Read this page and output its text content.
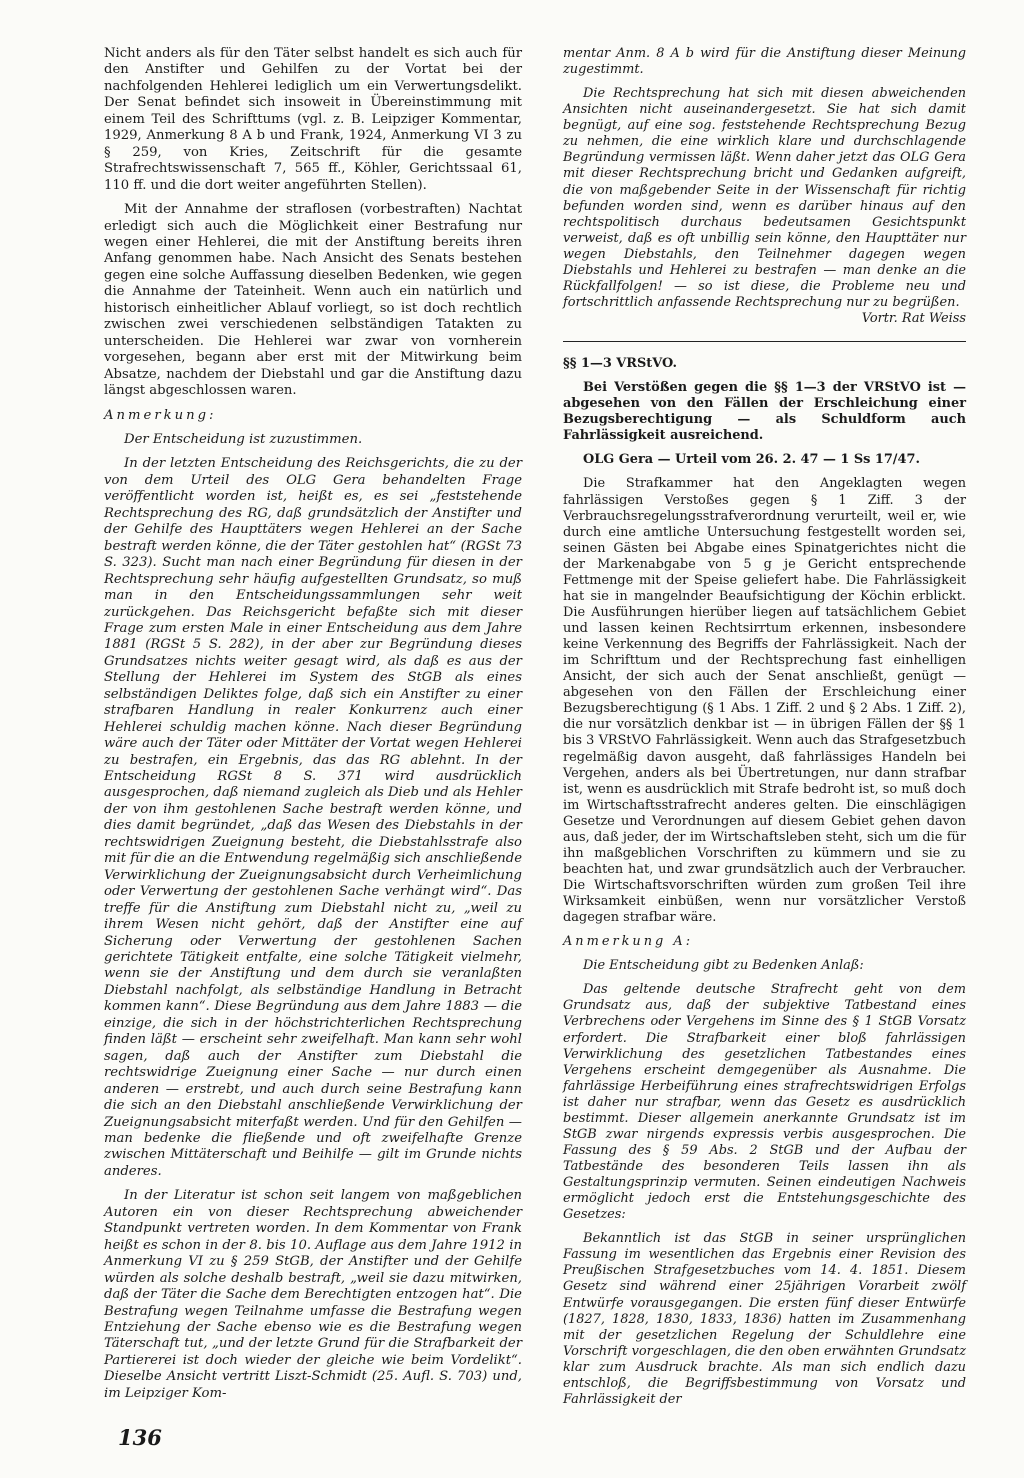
Nicht anders als für den Täter selbst handelt es sich auch für den Anstifter und Gehilfen zu der Vortat bei der nachfolgenden Hehlerei lediglich um ein Verwertungsdelikt. Der Senat befindet sich insoweit in Übereinstimmung mit einem Teil des Schrifttums (vgl. z. B. Leipziger Kommentar, 1929, Anmerkung 8 A b und Frank, 1924, Anmerkung VI 3 zu § 259, von Kries, Zeitschrift für die gesamte Strafrechtswissenschaft 7, 565 ff., Köhler, Gerichtssaal 61, 110 ff. und die dort weiter angeführten Stellen).

Mit der Annahme der straflosen (vorbestraften) Nachtat erledigt sich auch die Möglichkeit einer Bestrafung nur wegen einer Hehlerei, die mit der Anstiftung bereits ihren Anfang genommen habe. Nach Ansicht des Senats bestehen gegen eine solche Auffassung dieselben Bedenken, wie gegen die Annahme der Tateinheit. Wenn auch ein natürlich und historisch einheitlicher Ablauf vorliegt, so ist doch rechtlich zwischen zwei verschiedenen selbständigen Tatakten zu unterscheiden. Die Hehlerei war zwar von vornherein vorgesehen, begann aber erst mit der Mitwirkung beim Absatze, nachdem der Diebstahl und gar die Anstiftung dazu längst abgeschlossen waren.

Anmerkung:

Der Entscheidung ist zuzustimmen.

In der letzten Entscheidung des Reichsgerichts, die zu der von dem Urteil des OLG Gera behandelten Frage veröffentlicht worden ist, heißt es, es sei „feststehende Rechtsprechung des RG, daß grundsätzlich der Anstifter und der Gehilfe des Haupttäters wegen Hehlerei an der Sache bestraft werden könne, die der Täter gestohlen hat“ (RGSt 73 S. 323). Sucht man nach einer Begründung für diesen in der Rechtsprechung sehr häufig aufgestellten Grundsatz, so muß man in den Entscheidungssammlungen sehr weit zurückgehen. Das Reichsgericht befaßte sich mit dieser Frage zum ersten Male in einer Entscheidung aus dem Jahre 1881 (RGSt 5 S. 282), in der aber zur Begründung dieses Grundsatzes nichts weiter gesagt wird, als daß es aus der Stellung der Hehlerei im System des StGB als eines selbständigen Deliktes folge, daß sich ein Anstifter zu einer strafbaren Handlung in realer Konkurrenz auch einer Hehlerei schuldig machen könne. Nach dieser Begründung wäre auch der Täter oder Mittäter der Vortat wegen Hehlerei zu bestrafen, ein Ergebnis, das das RG ablehnt. In der Entscheidung RGSt 8 S. 371 wird ausdrücklich ausgesprochen, daß niemand zugleich als Dieb und als Hehler der von ihm gestohlenen Sache bestraft werden könne, und dies damit begründet, „daß das Wesen des Diebstahls in der rechtswidrigen Zueignung besteht, die Diebstahlsstrafe also mit für die an die Entwendung regelmäßig sich anschließende Verwirklichung der Zueignungsabsicht durch Verheimlichung oder Verwertung der gestohlenen Sache verhängt wird“. Das treffe für die Anstiftung zum Diebstahl nicht zu, „weil zu ihrem Wesen nicht gehört, daß der Anstifter eine auf Sicherung oder Verwertung der gestohlenen Sachen gerichtete Tätigkeit entfalte, eine solche Tätigkeit vielmehr, wenn sie der Anstiftung und dem durch sie veranlaßten Diebstahl nachfolgt, als selbständige Handlung in Betracht kommen kann“. Diese Begründung aus dem Jahre 1883 — die einzige, die sich in der höchstrichterlichen Rechtsprechung finden läßt — erscheint sehr zweifelhaft. Man kann sehr wohl sagen, daß auch der Anstifter zum Diebstahl die rechtswidrige Zueignung einer Sache — nur durch einen anderen — erstrebt, und auch durch seine Bestrafung kann die sich an den Diebstahl anschließende Verwirklichung der Zueignungsabsicht miterfaßt werden. Und für den Gehilfen — man bedenke die fließende und oft zweifelhafte Grenze zwischen Mittäterschaft und Beihilfe — gilt im Grunde nichts anderes.

In der Literatur ist schon seit langem von maßgeblichen Autoren ein von dieser Rechtsprechung abweichender Standpunkt vertreten worden. In dem Kommentar von Frank heißt es schon in der 8. bis 10. Auflage aus dem Jahre 1912 in Anmerkung VI zu § 259 StGB, der Anstifter und der Gehilfe würden als solche deshalb bestraft, „weil sie dazu mitwirken, daß der Täter die Sache dem Berechtigten entzogen hat“. Die Bestrafung wegen Teilnahme umfasse die Bestrafung wegen Entziehung der Sache ebenso wie es die Bestrafung wegen Täterschaft tut, „und der letzte Grund für die Strafbarkeit der Partiererei ist doch wieder der gleiche wie beim Vordelikt“. Dieselbe Ansicht vertritt Liszt-Schmidt (25. Aufl. S. 703) und, im Leipziger Kom-

mentar Anm. 8 A b wird für die Anstiftung dieser Meinung zugestimmt.

Die Rechtsprechung hat sich mit diesen abweichenden Ansichten nicht auseinandergesetzt. Sie hat sich damit begnügt, auf eine sog. feststehende Rechtsprechung Bezug zu nehmen, die eine wirklich klare und durchschlagende Begründung vermissen läßt. Wenn daher jetzt das OLG Gera mit dieser Rechtsprechung bricht und Gedanken aufgreift, die von maßgebender Seite in der Wissenschaft für richtig befunden worden sind, wenn es darüber hinaus auf den rechtspolitisch durchaus bedeutsamen Gesichtspunkt verweist, daß es oft unbillig sein könne, den Haupttäter nur wegen Diebstahls, den Teilnehmer dagegen wegen Diebstahls und Hehlerei zu bestrafen — man denke an die Rückfallfolgen! — so ist diese, die Probleme neu und fortschrittlich anfassende Rechtsprechung nur zu begrüßen.

Vortr. Rat Weiss

§§ 1—3 VRStVO.

Bei Verstößen gegen die §§ 1—3 der VRStVO ist — abgesehen von den Fällen der Erschleichung einer Bezugsberechtigung — als Schuldform auch Fahrlässigkeit ausreichend.

OLG Gera — Urteil vom 26. 2. 47 — 1 Ss 17/47.

Die Strafkammer hat den Angeklagten wegen fahrlässigen Verstoßes gegen § 1 Ziff. 3 der Verbrauchsregelungsstrafverordnung verurteilt, weil er, wie durch eine amtliche Untersuchung festgestellt worden sei, seinen Gästen bei Abgabe eines Spinatgerichtes nicht die der Markenabgabe von 5 g je Gericht entsprechende Fettmenge mit der Speise geliefert habe. Die Fahrlässigkeit hat sie in mangelnder Beaufsichtigung der Köchin erblickt. Die Ausführungen hierüber liegen auf tatsächlichem Gebiet und lassen keinen Rechtsirrtum erkennen, insbesondere keine Verkennung des Begriffs der Fahrlässigkeit. Nach der im Schrifttum und der Rechtsprechung fast einhelligen Ansicht, der sich auch der Senat anschließt, genügt — abgesehen von den Fällen der Erschleichung einer Bezugsberechtigung (§ 1 Abs. 1 Ziff. 2 und § 2 Abs. 1 Ziff. 2), die nur vorsätzlich denkbar ist — in übrigen Fällen der §§ 1 bis 3 VRStVO Fahrlässigkeit. Wenn auch das Strafgesetzbuch regelmäßig davon ausgeht, daß fahrlässiges Handeln bei Vergehen, anders als bei Übertretungen, nur dann strafbar ist, wenn es ausdrücklich mit Strafe bedroht ist, so muß doch im Wirtschaftsstrafrecht anderes gelten. Die einschlägigen Gesetze und Verordnungen auf diesem Gebiet gehen davon aus, daß jeder, der im Wirtschaftsleben steht, sich um die für ihn maßgeblichen Vorschriften zu kümmern und sie zu beachten hat, und zwar grundsätzlich auch der Verbraucher. Die Wirtschaftsvorschriften würden zum großen Teil ihre Wirksamkeit einbüßen, wenn nur vorsätzlicher Verstoß dagegen strafbar wäre.

Anmerkung A:

Die Entscheidung gibt zu Bedenken Anlaß:

Das geltende deutsche Strafrecht geht von dem Grundsatz aus, daß der subjektive Tatbestand eines Verbrechens oder Vergehens im Sinne des § 1 StGB Vorsatz erfordert. Die Strafbarkeit einer bloß fahrlässigen Verwirklichung des gesetzlichen Tatbestandes eines Vergehens erscheint demgegenüber als Ausnahme. Die fahrlässige Herbeiführung eines strafrechtswidrigen Erfolgs ist daher nur strafbar, wenn das Gesetz es ausdrücklich bestimmt. Dieser allgemein anerkannte Grundsatz ist im StGB zwar nirgends expressis verbis ausgesprochen. Die Fassung des § 59 Abs. 2 StGB und der Aufbau der Tatbestände des besonderen Teils lassen ihn als Gestaltungsprinzip vermuten. Seinen eindeutigen Nachweis ermöglicht jedoch erst die Entstehungsgeschichte des Gesetzes:

Bekanntlich ist das StGB in seiner ursprünglichen Fassung im wesentlichen das Ergebnis einer Revision des Preußischen Strafgesetzbuches vom 14. 4. 1851. Diesem Gesetz sind während einer 25jährigen Vorarbeit zwölf Entwürfe vorausgegangen. Die ersten fünf dieser Entwürfe (1827, 1828, 1830, 1833, 1836) hatten im Zusammenhang mit der gesetzlichen Regelung der Schuldlehre eine Vorschrift vorgeschlagen, die den oben erwähnten Grundsatz klar zum Ausdruck brachte. Als man sich endlich dazu entschloß, die Begriffsbestimmung von Vorsatz und Fahrlässigkeit der

136
